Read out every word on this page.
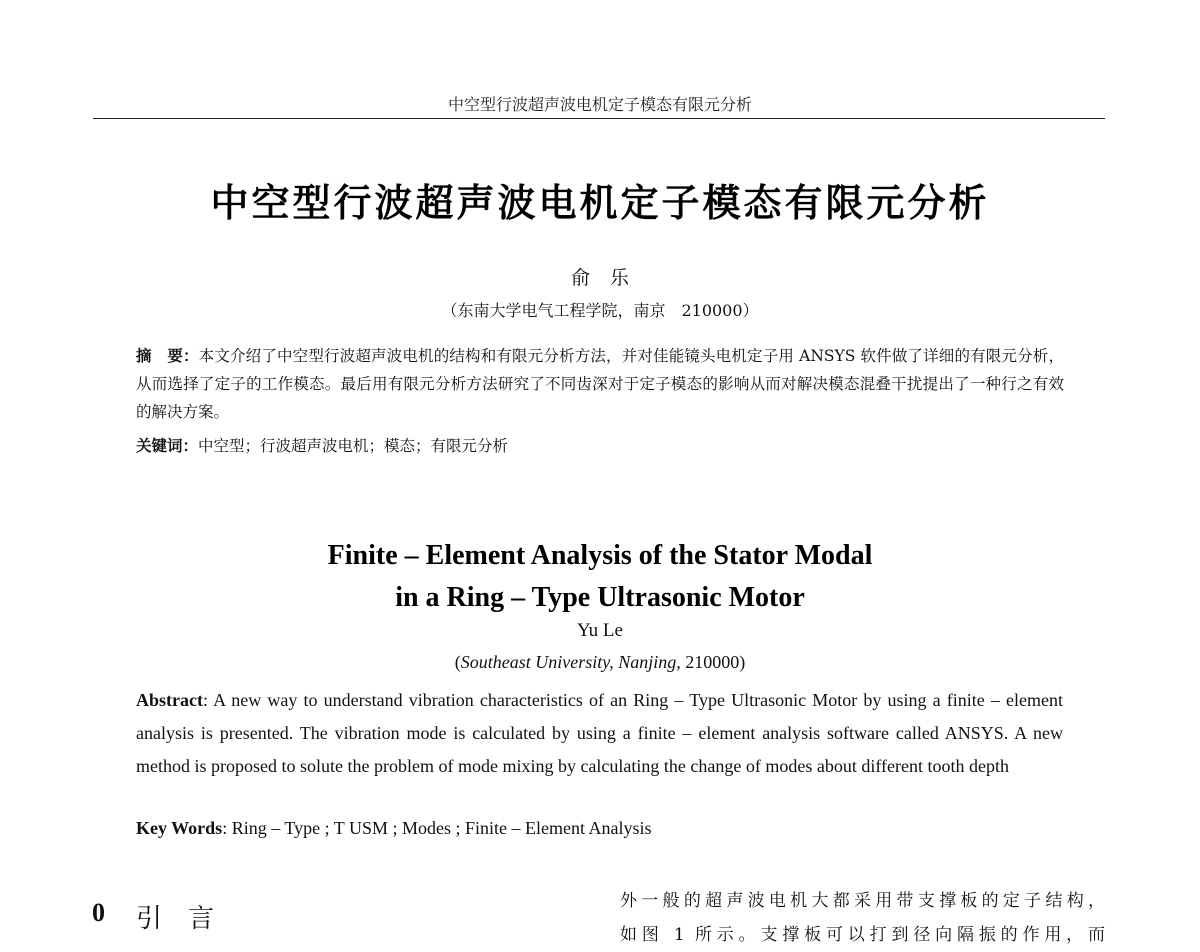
中空型行波超声波电机定子模态有限元分析
中空型行波超声波电机定子模态有限元分析
俞乐
（东南大学电气工程学院，南京　210000）
摘　要：本文介绍了中空型行波超声波电机的结构和有限元分析方法，并对佳能镜头电机定子用 ANSYS 软件做了详细的有限元分析，从而选择了定子的工作模态。最后用有限元分析方法研究了不同齿深对于定子模态的影响从而对解决模态混叠干扰提出了一种行之有效的解决方案。
关键词：中空型；行波超声波电机；模态；有限元分析
Finite – Element Analysis of the Stator Modal
in a Ring – Type Ultrasonic Motor
Yu Le
(Southeast University, Nanjing, 210000)
Abstract: A new way to understand vibration characteristics of an Ring – Type Ultrasonic Motor by using a finite – element analysis is presented. The vibration mode is calculated by using a finite – element analysis software called ANSYS. A new method is proposed to solute the problem of mode mixing by calculating the change of modes about different tooth depth
Key Words: Ring – Type ; T USM ; Modes ; Finite – Element Analysis
0 引言
外一般的超声波电机大都采用带支撑板的定子结构，
如图 1 所示。支撑板可以打到径向隔振的作用，而
